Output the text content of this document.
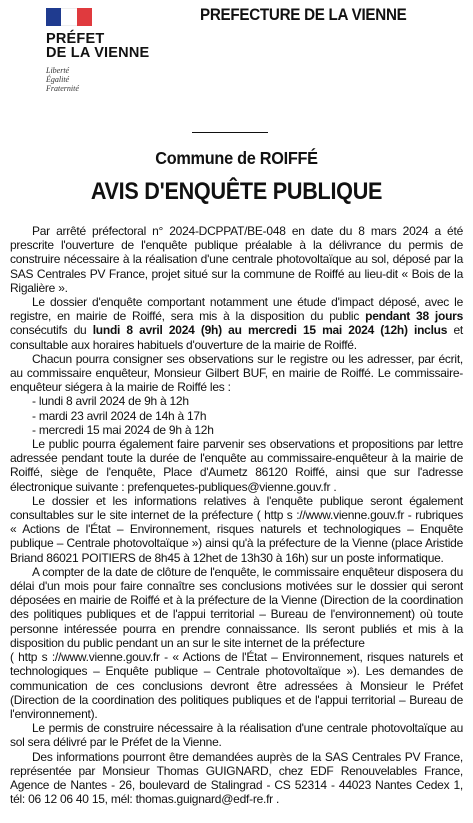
PRÉFET
DE LA VIENNE
Liberté
Égalité
Fraternité
PREFECTURE DE LA VIENNE
Commune de ROIFFÉ
AVIS D'ENQUÊTE PUBLIQUE

Par arrêté préfectoral n° 2024-DCPPAT/BE-048 en date du 8 mars 2024 a été prescrite l'ouverture de l'enquête publique préalable à la délivrance du permis de construire nécessaire à la réalisation d'une centrale photovoltaïque au sol, déposé par la SAS Centrales PV France, projet situé sur la commune de Roiffé au lieu-dit « Bois de la Rigalière ».

Le dossier d'enquête comportant notamment une étude d'impact déposé, avec le registre, en mairie de Roiffé, sera mis à la disposition du public pendant 38 jours consécutifs du lundi 8 avril 2024 (9h) au mercredi 15 mai 2024 (12h) inclus et consultable aux horaires habituels d'ouverture de la mairie de Roiffé.

Chacun pourra consigner ses observations sur le registre ou les adresser, par écrit, au commissaire enquêteur, Monsieur Gilbert BUF, en mairie de Roiffé. Le commissaire-enquêteur siégera à la mairie de Roiffé les :

- lundi 8 avril 2024 de 9h à 12h

- mardi 23 avril 2024 de 14h à 17h

- mercredi 15 mai 2024 de 9h à 12h

Le public pourra également faire parvenir ses observations et propositions par lettre adressée pendant toute la durée de l'enquête au commissaire-enquêteur à la mairie de Roiffé, siège de l'enquête, Place d'Aumetz 86120 Roiffé, ainsi que sur l'adresse électronique suivante : prefenquetes-publiques@vienne.gouv.fr .

Le dossier et les informations relatives à l'enquête publique seront également consultables sur le site internet de la préfecture ( http s ://www.vienne.gouv.fr - rubriques « Actions de l'État – Environnement, risques naturels et technologiques – Enquête publique – Centrale photovoltaïque ») ainsi qu'à la préfecture de la Vienne (place Aristide Briand 86021 POITIERS de 8h45 à 12het de 13h30 à 16h) sur un poste informatique.

A compter de la date de clôture de l'enquête, le commissaire enquêteur disposera du délai d'un mois pour faire connaître ses conclusions motivées sur le dossier qui seront déposées en mairie de Roiffé et à la préfecture de la Vienne (Direction de la coordination des politiques publiques et de l'appui territorial – Bureau de l'environnement) où toute personne intéressée pourra en prendre connaissance. Ils seront publiés et mis à la disposition du public pendant un an sur le site internet de la préfecture

( http s ://www.vienne.gouv.fr - « Actions de l'État – Environnement, risques naturels et technologiques – Enquête publique – Centrale photovoltaïque »). Les demandes de communication de ces conclusions devront être adressées à Monsieur le Préfet (Direction de la coordination des politiques publiques et de l'appui territorial – Bureau de l'environnement).

Le permis de construire nécessaire à la réalisation d'une centrale photovoltaïque au sol sera délivré par le Préfet de la Vienne.

Des informations pourront être demandées auprès de la SAS Centrales PV France, représentée par Monsieur Thomas GUIGNARD, chez EDF Renouvelables France, Agence de Nantes - 26, boulevard de Stalingrad - CS 52314 - 44023 Nantes Cedex 1, tél: 06 12 06 40 15, mél: thomas.guignard@edf-re.fr .
